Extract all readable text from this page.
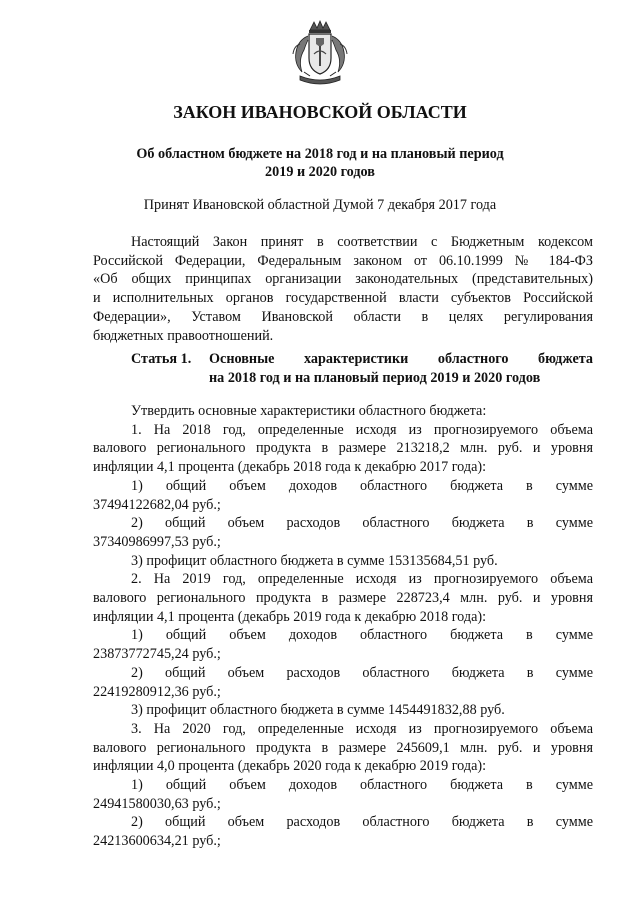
ЗАКОН ИВАНОВСКОЙ ОБЛАСТИ
Об областном бюджете на 2018 год и на плановый период
2019 и 2020 годов
Принят Ивановской областной Думой 7 декабря 2017 года
Настоящий Закон принят в соответствии с Бюджетным кодексом
Российской Федерации, Федеральным законом от 06.10.1999 № 184-ФЗ
«Об общих принципах организации законодательных (представительных)
и исполнительных органов государственной власти субъектов Российской
Федерации», Уставом Ивановской области в целях регулирования
бюджетных правоотношений.
Статья 1. Основные характеристики областного бюджета
на 2018 год и на плановый период 2019 и 2020 годов
Утвердить основные характеристики областного бюджета:
1. На 2018 год, определенные исходя из прогнозируемого объема
валового регионального продукта в размере 213218,2 млн. руб. и уровня
инфляции 4,1 процента (декабрь 2018 года к декабрю 2017 года):
1) общий объем доходов областного бюджета в сумме
37494122682,04 руб.;
2) общий объем расходов областного бюджета в сумме
37340986997,53 руб.;
3) профицит областного бюджета в сумме 153135684,51 руб.
2. На 2019 год, определенные исходя из прогнозируемого объема
валового регионального продукта в размере 228723,4 млн. руб. и уровня
инфляции 4,1 процента (декабрь 2019 года к декабрю 2018 года):
1) общий объем доходов областного бюджета в сумме
23873772745,24 руб.;
2) общий объем расходов областного бюджета в сумме
22419280912,36 руб.;
3) профицит областного бюджета в сумме 1454491832,88 руб.
3. На 2020 год, определенные исходя из прогнозируемого объема
валового регионального продукта в размере 245609,1 млн. руб. и уровня
инфляции 4,0 процента (декабрь 2020 года к декабрю 2019 года):
1) общий объем доходов областного бюджета в сумме
24941580030,63 руб.;
2) общий объем расходов областного бюджета в сумме
24213600634,21 руб.;
